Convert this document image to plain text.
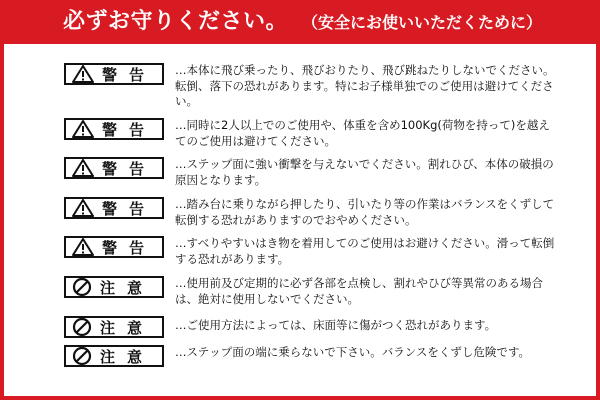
必ずお守りください。 （安全にお使いいただくために）
警告 …本体に飛び乗ったり、飛びおりたり、飛び跳ねたりしないでください。転倒、落下の恐れがあります。特にお子様単独でのご使用は避けてください。
警告 …同時に2人以上でのご使用や、体重を含め100Kg(荷物を持って)を越えてのご使用は避けてください。
警告 …ステップ面に強い衝撃を与えないでください。割れひび、本体の破損の原因となります。
警告 …踏み台に乗りながら押したり、引いたり等の作業はバランスをくずして転倒する恐れがありますのでおやめください。
警告 …すべりやすいはき物を着用してのご使用はお避けください。滑って転倒する恐れがあります。
注意 …使用前及び定期的に必ず各部を点検し、割れやひび等異常のある場合は、絶対に使用しないでください。
注意 …ご使用方法によっては、床面等に傷がつく恐れがあります。
注意 …ステップ面の端に乗らないで下さい。バランスをくずし危険です。
